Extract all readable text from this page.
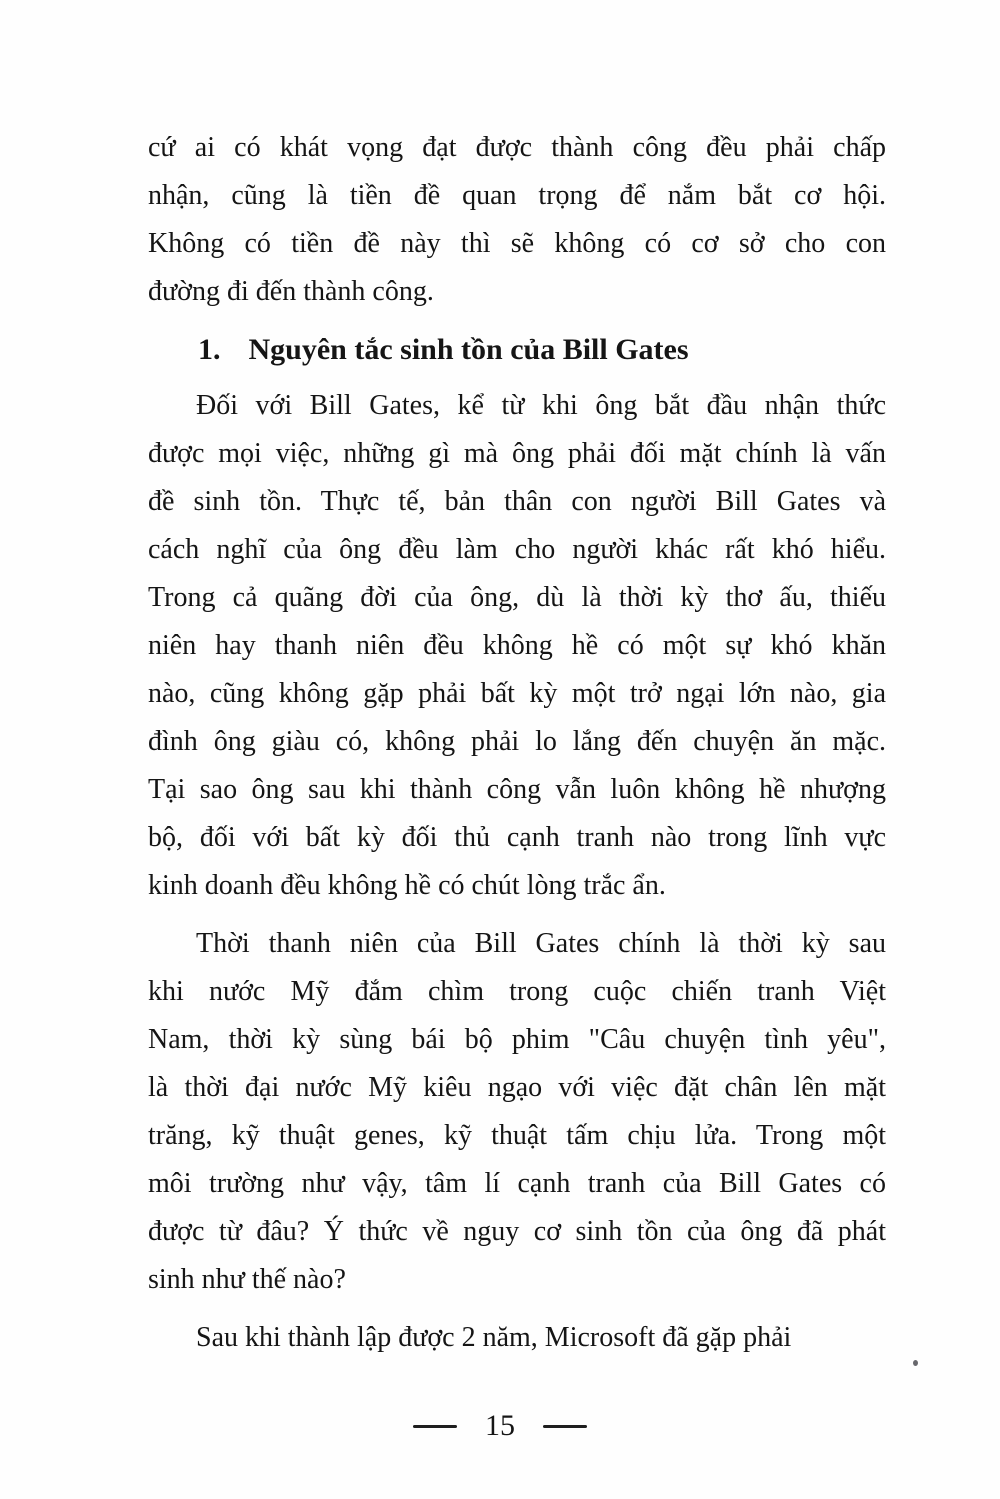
cứ ai có khát vọng đạt được thành công đều phải chấp
nhận, cũng là tiền đề quan trọng để nắm bắt cơ hội.
Không có tiền đề này thì sẽ không có cơ sở cho con
đường đi đến thành công.

1. Nguyên tắc sinh tồn của Bill Gates

Đối với Bill Gates, kể từ khi ông bắt đầu nhận thức
được mọi việc, những gì mà ông phải đối mặt chính là vấn
đề sinh tồn. Thực tế, bản thân con người Bill Gates và
cách nghĩ của ông đều làm cho người khác rất khó hiểu.
Trong cả quãng đời của ông, dù là thời kỳ thơ ấu, thiếu
niên hay thanh niên đều không hề có một sự khó khăn
nào, cũng không gặp phải bất kỳ một trở ngại lớn nào, gia
đình ông giàu có, không phải lo lắng đến chuyện ăn mặc.
Tại sao ông sau khi thành công vẫn luôn không hề nhượng
bộ, đối với bất kỳ đối thủ cạnh tranh nào trong lĩnh vực
kinh doanh đều không hề có chút lòng trắc ẩn.

Thời thanh niên của Bill Gates chính là thời kỳ sau
khi nước Mỹ đắm chìm trong cuộc chiến tranh Việt
Nam, thời kỳ sùng bái bộ phim "Câu chuyện tình yêu",
là thời đại nước Mỹ kiêu ngạo với việc đặt chân lên mặt
trăng, kỹ thuật genes, kỹ thuật tấm chịu lửa. Trong một
môi trường như vậy, tâm lí cạnh tranh của Bill Gates có
được từ đâu? Ý thức về nguy cơ sinh tồn của ông đã phát
sinh như thế nào?

Sau khi thành lập được 2 năm, Microsoft đã gặp phải

15
